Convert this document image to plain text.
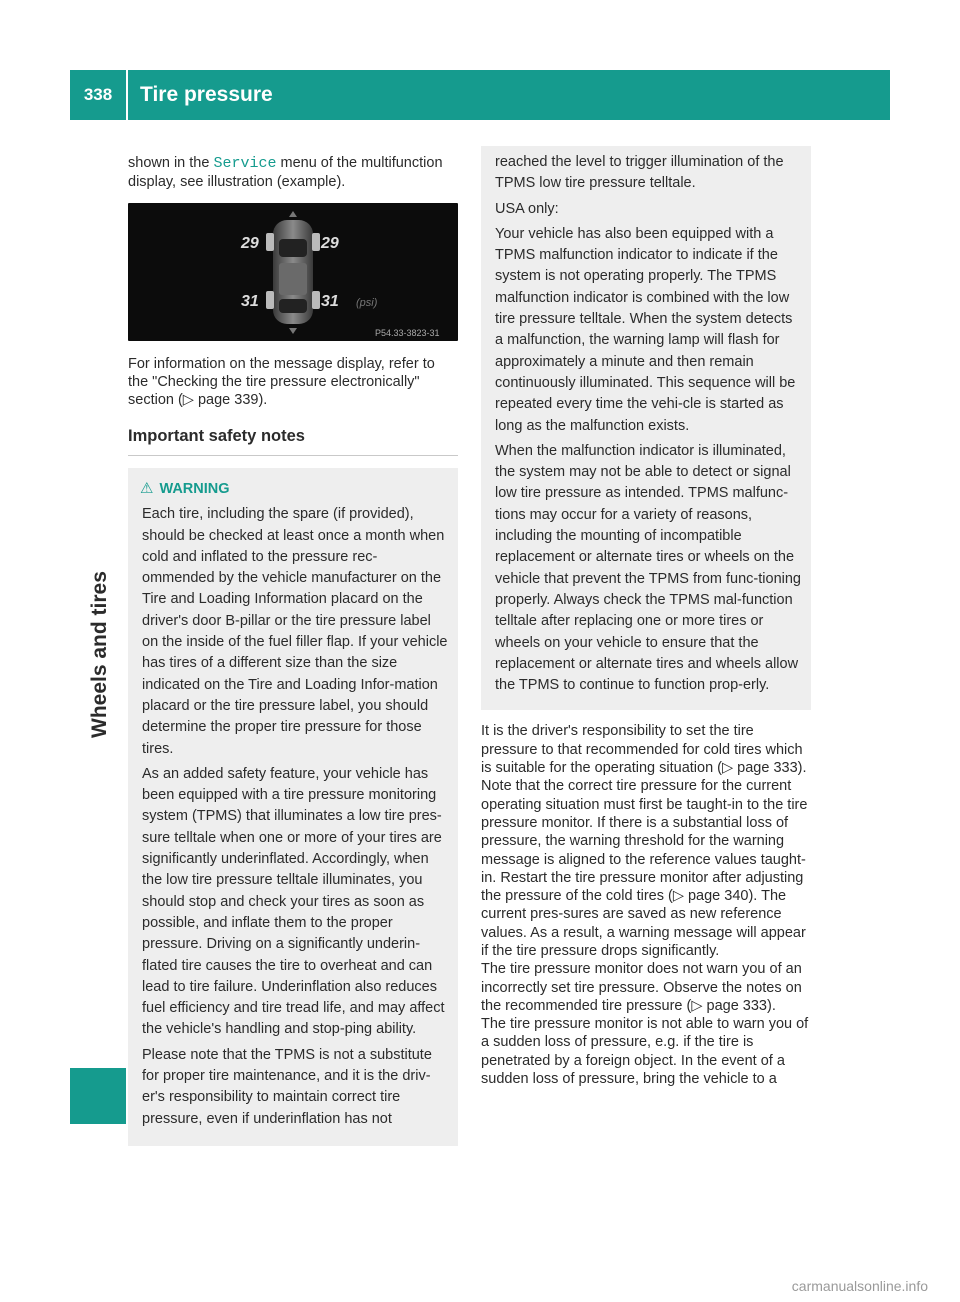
338	Tire pressure
Wheels and tires

shown in the Service menu of the multifunction display, see illustration (example).

29	29
31	31 (psi)
P54.33-3823-31

For information on the message display, refer to the "Checking the tire pressure electronically" section (▷ page 339).

Important safety notes
⚠ WARNING

Each tire, including the spare (if provided), should be checked at least once a month when cold and inflated to the pressure rec-ommended by the vehicle manufacturer on the Tire and Loading Information placard on the driver's door B-pillar or the tire pressure label on the inside of the fuel filler flap. If your vehicle has tires of a different size than the size indicated on the Tire and Loading Infor-mation placard or the tire pressure label, you should determine the proper tire pressure for those tires.

As an added safety feature, your vehicle has been equipped with a tire pressure monitoring system (TPMS) that illuminates a low tire pres-sure telltale when one or more of your tires are significantly underinflated. Accordingly, when the low tire pressure telltale illuminates, you should stop and check your tires as soon as possible, and inflate them to the proper pressure. Driving on a significantly underin-flated tire causes the tire to overheat and can lead to tire failure. Underinflation also reduces fuel efficiency and tire tread life, and may affect the vehicle's handling and stop-ping ability.

Please note that the TPMS is not a substitute for proper tire maintenance, and it is the driv-er's responsibility to maintain correct tire pressure, even if underinflation has not

reached the level to trigger illumination of the TPMS low tire pressure telltale.

USA only:

Your vehicle has also been equipped with a TPMS malfunction indicator to indicate if the system is not operating properly. The TPMS malfunction indicator is combined with the low tire pressure telltale. When the system detects a malfunction, the warning lamp will flash for approximately a minute and then remain continuously illuminated. This sequence will be repeated every time the vehi-cle is started as long as the malfunction exists.

When the malfunction indicator is illuminated, the system may not be able to detect or signal low tire pressure as intended. TPMS malfunc-tions may occur for a variety of reasons, including the mounting of incompatible replacement or alternate tires or wheels on the vehicle that prevent the TPMS from func-tioning properly. Always check the TPMS mal-function telltale after replacing one or more tires or wheels on your vehicle to ensure that the replacement or alternate tires and wheels allow the TPMS to continue to function prop-erly.

It is the driver's responsibility to set the tire pressure to that recommended for cold tires which is suitable for the operating situation (▷ page 333). Note that the correct tire pressure for the current operating situation must first be taught-in to the tire pressure monitor. If there is a substantial loss of pressure, the warning threshold for the warning message is aligned to the reference values taught-in. Restart the tire pressure monitor after adjusting the pressure of the cold tires (▷ page 340). The current pres-sures are saved as new reference values. As a result, a warning message will appear if the tire pressure drops significantly.

The tire pressure monitor does not warn you of an incorrectly set tire pressure. Observe the notes on the recommended tire pressure (▷ page 333).

The tire pressure monitor is not able to warn you of a sudden loss of pressure, e.g. if the tire is penetrated by a foreign object. In the event of a sudden loss of pressure, bring the vehicle to a

carmanualsonline.info
